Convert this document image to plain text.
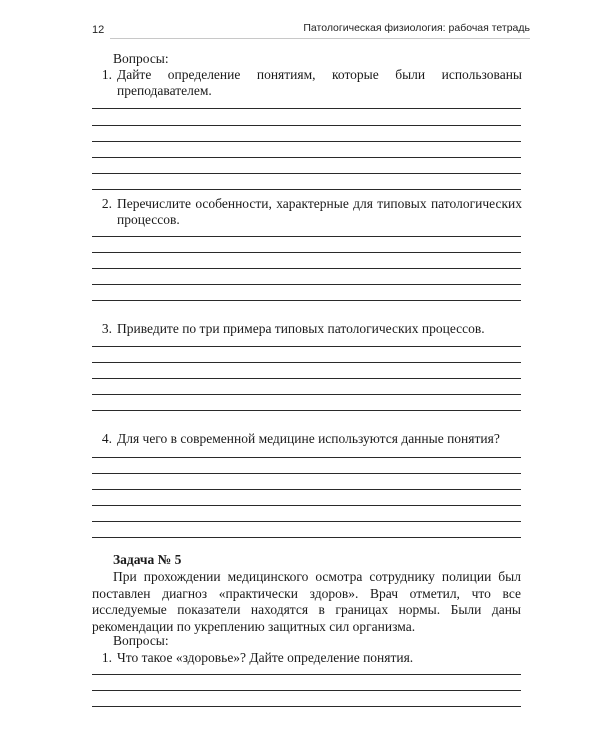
12	Патологическая физиология: рабочая тетрадь

Вопросы:

1. Дайте определение понятиям, которые были использованы преподавателем.
2. Перечислите особенности, характерные для типовых патологических процессов.
3. Приведите по три примера типовых патологических процессов.
4. Для чего в современной медицине используются данные понятия?

Задача № 5

При прохождении медицинского осмотра сотруднику полиции был поставлен диагноз «практически здоров». Врач отметил, что все исследуемые показатели находятся в границах нормы. Были даны рекомендации по укреплению защитных сил организма.

Вопросы:

1. Что такое «здоровье»? Дайте определение понятия.
